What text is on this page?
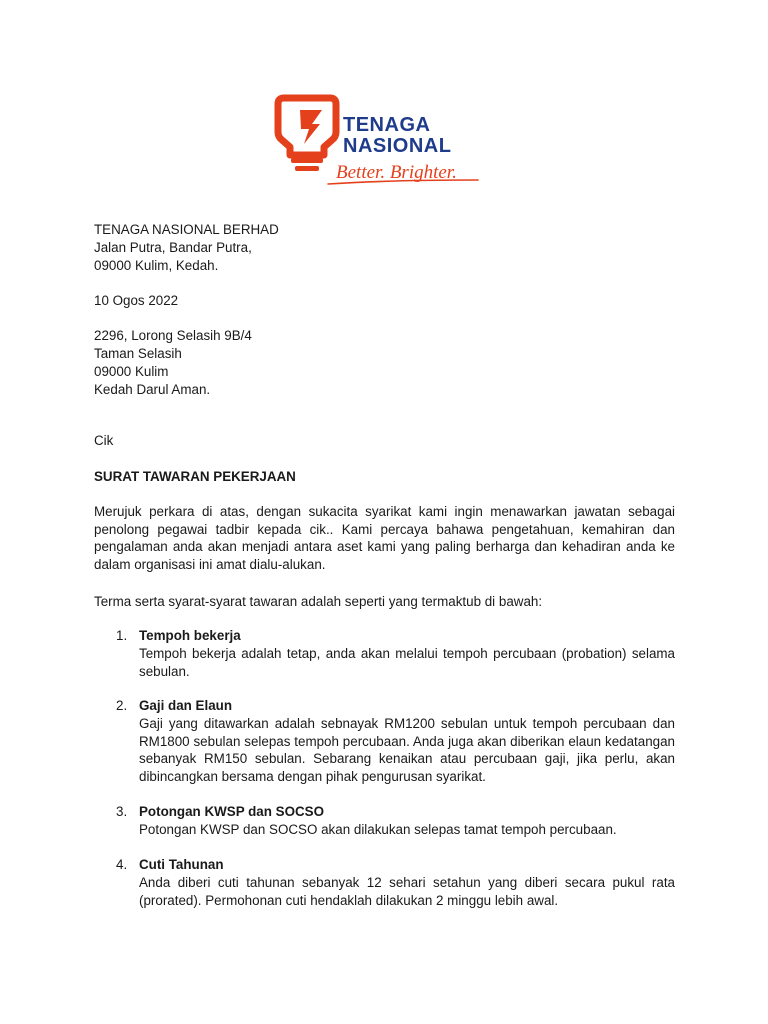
TENAGA
NASIONAL
Better. Brighter.
TENAGA NASIONAL BERHAD
Jalan Putra, Bandar Putra,
09000 Kulim, Kedah.
10 Ogos 2022
2296, Lorong Selasih 9B/4
Taman Selasih
09000 Kulim
Kedah Darul Aman.
Cik
SURAT TAWARAN PEKERJAAN
Merujuk perkara di atas, dengan sukacita syarikat kami ingin menawarkan jawatan sebagai penolong pegawai tadbir kepada cik.. Kami percaya bahawa pengetahuan, kemahiran dan pengalaman anda akan menjadi antara aset kami yang paling berharga dan kehadiran anda ke dalam organisasi ini amat dialu-alukan.
Terma serta syarat-syarat tawaran adalah seperti yang termaktub di bawah:
1. Tempoh bekerja
Tempoh bekerja adalah tetap, anda akan melalui tempoh percubaan (probation) selama sebulan.
2. Gaji dan Elaun
Gaji yang ditawarkan adalah sebnayak RM1200 sebulan untuk tempoh percubaan dan RM1800 sebulan selepas tempoh percubaan. Anda juga akan diberikan elaun kedatangan sebanyak RM150 sebulan. Sebarang kenaikan atau percubaan gaji, jika perlu, akan dibincangkan bersama dengan pihak pengurusan syarikat.
3. Potongan KWSP dan SOCSO
Potongan KWSP dan SOCSO akan dilakukan selepas tamat tempoh percubaan.
4. Cuti Tahunan
Anda diberi cuti tahunan sebanyak 12 sehari setahun yang diberi secara pukul rata (prorated). Permohonan cuti hendaklah dilakukan 2 minggu lebih awal.
